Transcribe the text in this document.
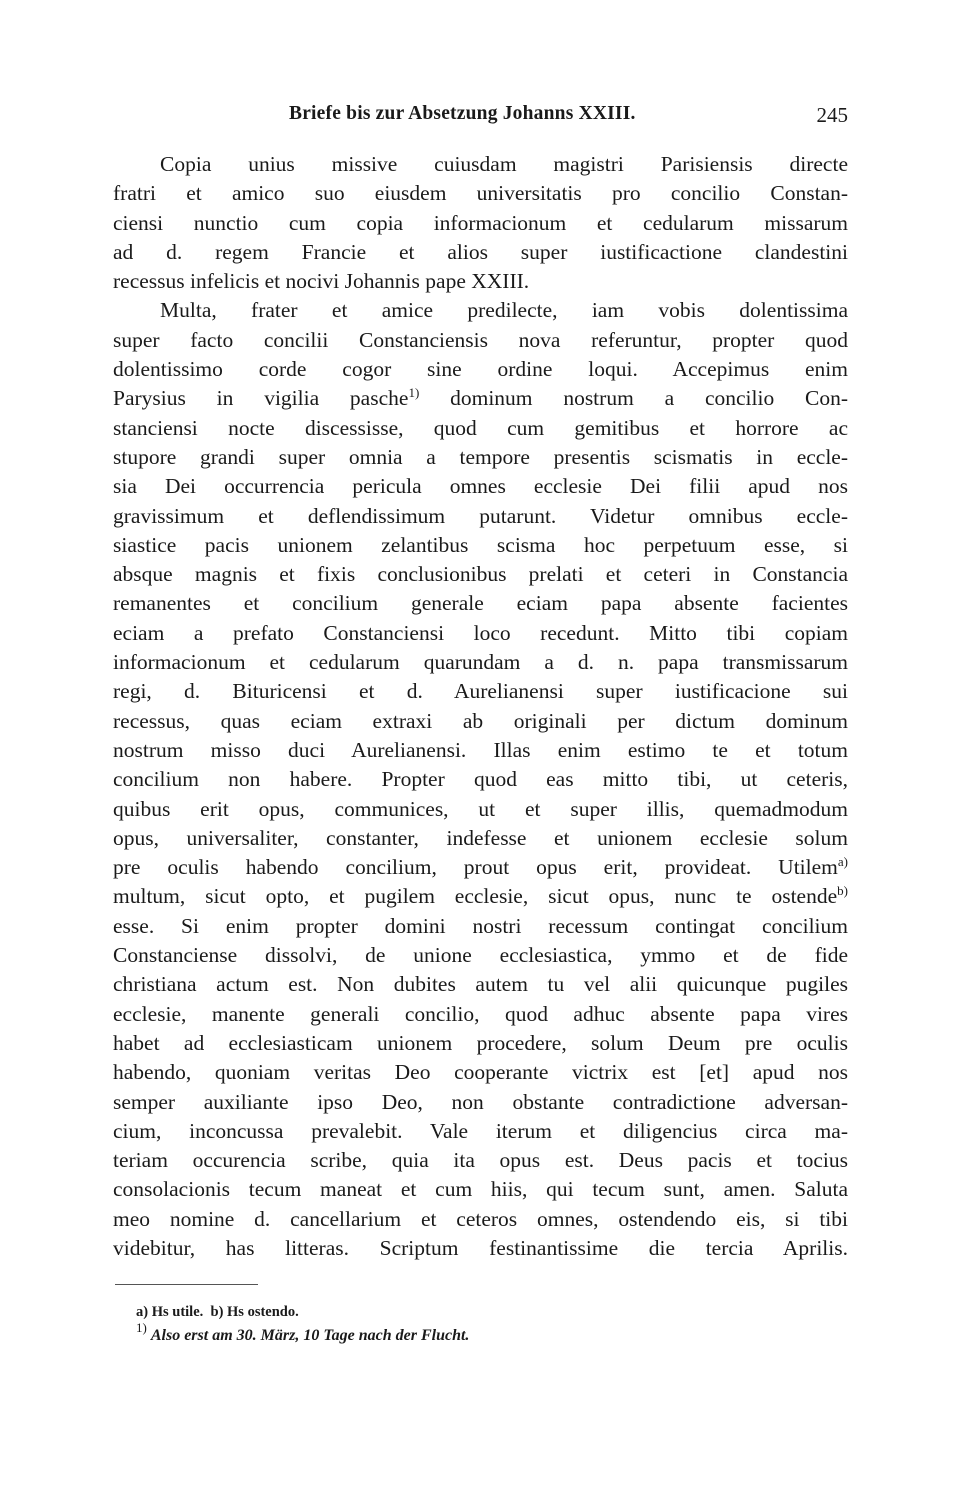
Briefe bis zur Absetzung Johanns XXIII.	245
Copia unius missive cuiusdam magistri Parisiensis directe
fratri et amico suo eiusdem universitatis pro concilio Constan-
ciensi nunctio cum copia informacionum et cedularum missarum
ad d. regem Francie et alios super iustificactione clandestini
recessus infelicis et nocivi Johannis pape XXIII.
Multa, frater et amice predilecte, iam vobis dolentissima
super facto concilii Constanciensis nova referuntur, propter quod
dolentissimo corde cogor sine ordine loqui. Accepimus enim
Parysius in vigilia pasche$^{1)}$ dominum nostrum a concilio Con-
stanciensi nocte discessisse, quod cum gemitibus et horrore ac
stupore grandi super omnia a tempore presentis scismatis in eccle-
sia Dei occurrencia pericula omnes ecclesie Dei filii apud nos
gravissimum et deflendissimum putarunt. Videtur omnibus eccle-
siastice pacis unionem zelantibus scisma hoc perpetuum esse, si
absque magnis et fixis conclusionibus prelati et ceteri in Constancia
remanentes et concilium generale eciam papa absente facientes
eciam a prefato Constanciensi loco recedunt. Mitto tibi copiam
informacionum et cedularum quarundam a d. n. papa transmissarum
regi, d. Bituricensi et d. Aurelianensi super iustificacione sui
recessus, quas eciam extraxi ab originali per dictum dominum
nostrum misso duci Aurelianensi. Illas enim estimo te et totum
concilium non habere. Propter quod eas mitto tibi, ut ceteris,
quibus erit opus, communices, ut et super illis, quemadmodum
opus, universaliter, constanter, indefesse et unionem ecclesie solum
pre oculis habendo concilium, prout opus erit, provideat. Utilem$^{a)}$
multum, sicut opto, et pugilem ecclesie, sicut opus, nunc te ostende$^{b)}$
esse. Si enim propter domini nostri recessum contingat concilium
Constanciense dissolvi, de unione ecclesiastica, ymmo et de fide
christiana actum est. Non dubites autem tu vel alii quicunque pugiles
ecclesie, manente generali concilio, quod adhuc absente papa vires
habet ad ecclesiasticam unionem procedere, solum Deum pre oculis
habendo, quoniam veritas Deo cooperante victrix est [et] apud nos
semper auxiliante ipso Deo, non obstante contradictione adversan-
cium, inconcussa prevalebit. Vale iterum et diligencius circa ma-
teriam occurencia scribe, quia ita opus est. Deus pacis et tocius
consolacionis tecum maneat et cum hiis, qui tecum sunt, amen. Saluta
meo nomine d. cancellarium et ceteros omnes, ostendendo eis, si tibi
videbitur, has litteras. Scriptum festinantissime die tercia Aprilis.
a) Hs utile. b) Hs ostendo.
$^{1)}$ Also erst am 30. März, 10 Tage nach der Flucht.
